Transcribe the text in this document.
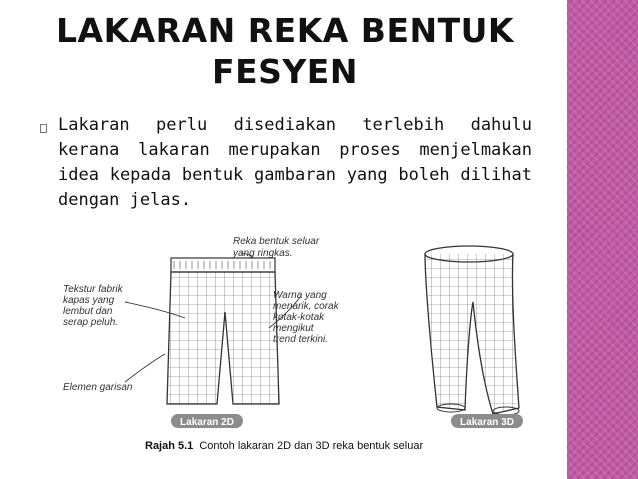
LAKARAN REKA BENTUK FESYEN
Lakaran perlu disediakan terlebih dahulu kerana lakaran merupakan proses menjelmakan idea kepada bentuk gambaran yang boleh dilihat dengan jelas.
Reka bentuk seluar
yang ringkas.
Tekstur fabrik
kapas yang
lembut dan
serap peluh.
Warna yang
menarik, corak
kotak-kotak
mengikut
trend terkini.
Elemen garisan
Lakaran 2D	Lakaran 3D
Rajah 5.1 Contoh lakaran 2D dan 3D reka bentuk seluar
